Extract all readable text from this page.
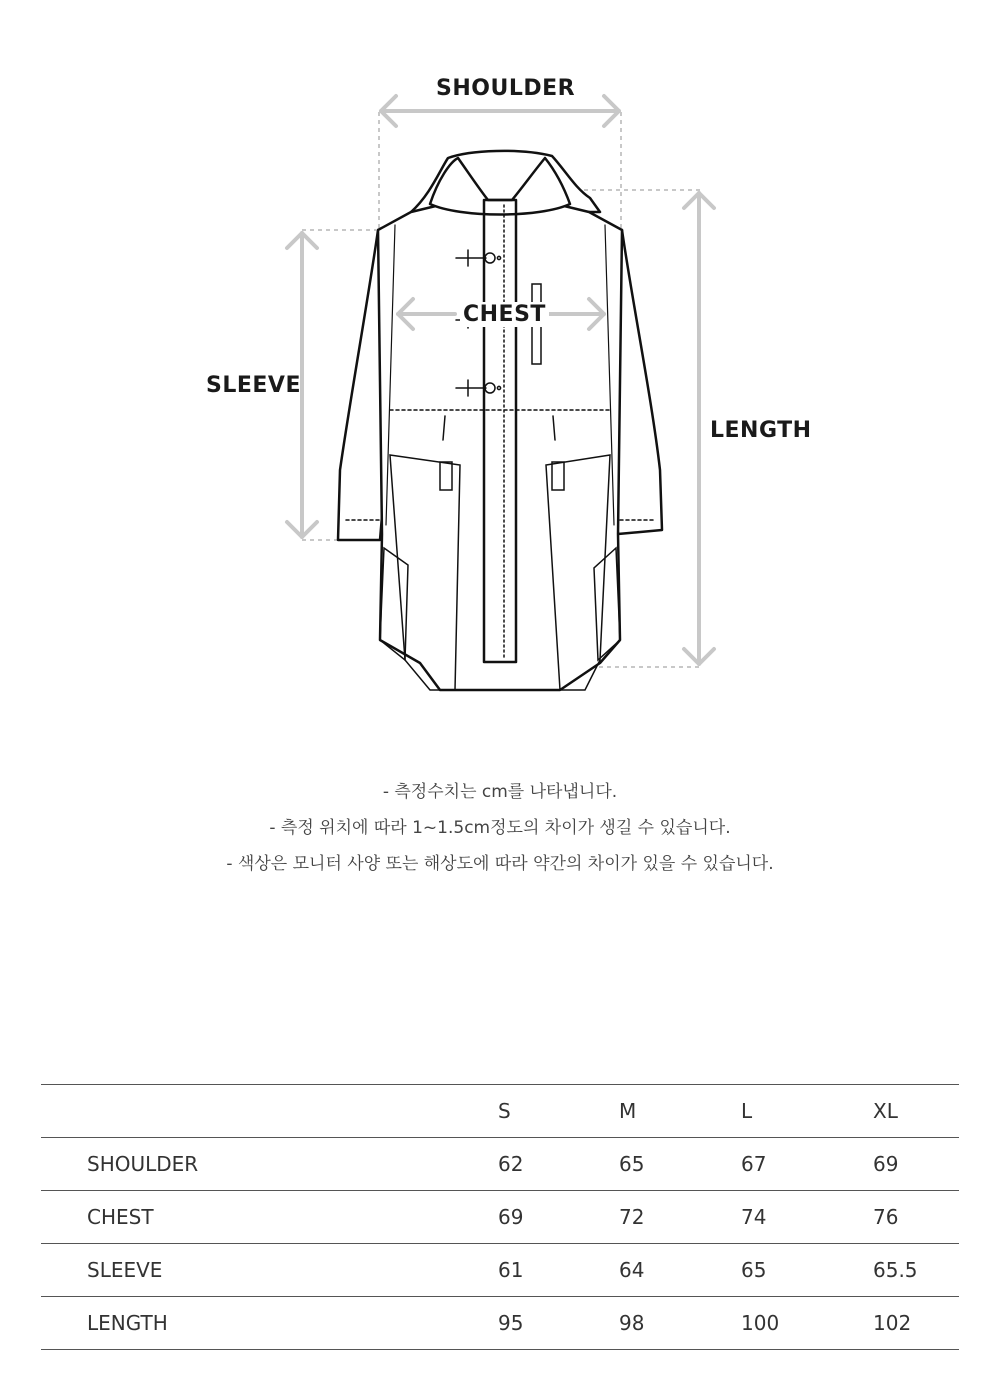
SHOULDER
CHEST
SLEEVE
LENGTH
- 측정수치는 cm를 나타냅니다.
- 측정 위치에 따라 1~1.5cm정도의 차이가 생길 수 있습니다.
- 색상은 모니터 사양 또는 해상도에 따라 약간의 차이가 있을 수 있습니다.
	S	M	L	XL
SHOULDER	62	65	67	69
CHEST	69	72	74	76
SLEEVE	61	64	65	65.5
LENGTH	95	98	100	102
